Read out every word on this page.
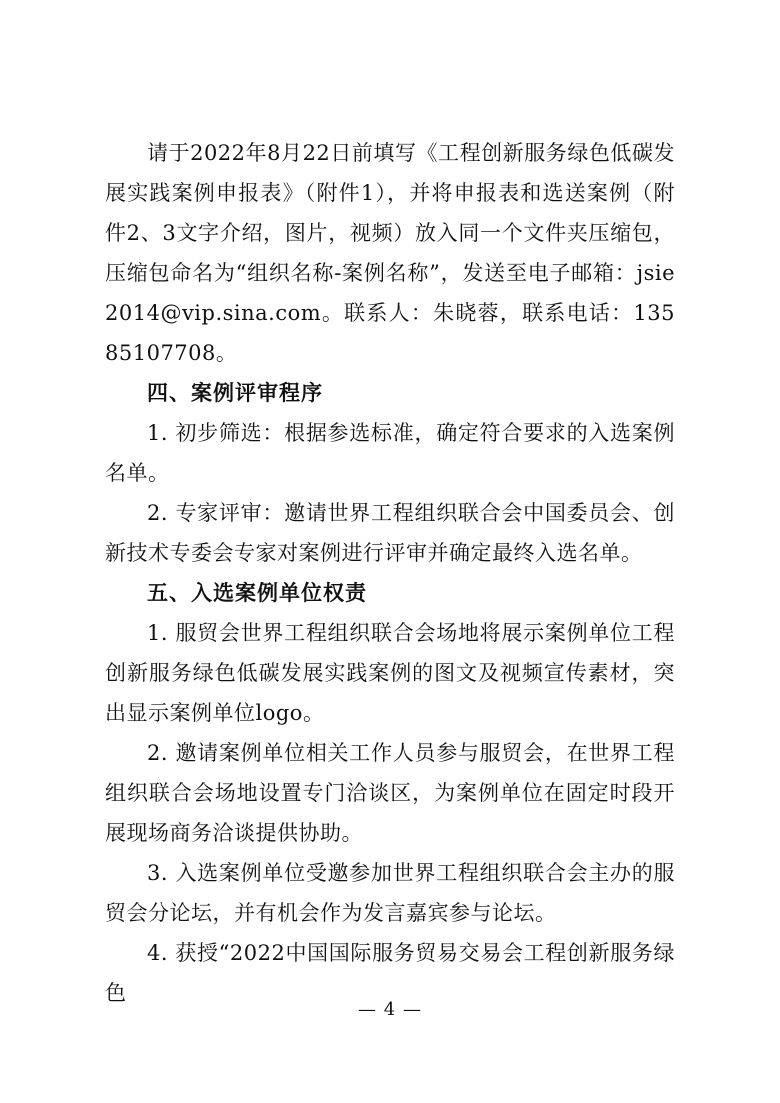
请于2022年8月22日前填写《工程创新服务绿色低碳发展实践案例申报表》（附件1），并将申报表和选送案例（附件2、3文字介绍，图片，视频）放入同一个文件夹压缩包，压缩包命名为“组织名称-案例名称”，发送至电子邮箱：jsie2014@vip.sina.com。联系人：朱晓蓉，联系电话：13585107708。

四、案例评审程序

1. 初步筛选：根据参选标准，确定符合要求的入选案例名单。

2. 专家评审：邀请世界工程组织联合会中国委员会、创新技术专委会专家对案例进行评审并确定最终入选名单。

五、入选案例单位权责

1. 服贸会世界工程组织联合会场地将展示案例单位工程创新服务绿色低碳发展实践案例的图文及视频宣传素材，突出显示案例单位logo。

2. 邀请案例单位相关工作人员参与服贸会，在世界工程组织联合会场地设置专门洽谈区，为案例单位在固定时段开展现场商务洽谈提供协助。

3. 入选案例单位受邀参加世界工程组织联合会主办的服贸会分论坛，并有机会作为发言嘉宾参与论坛。

4. 获授“2022中国国际服务贸易交易会工程创新服务绿色

— 4 —
